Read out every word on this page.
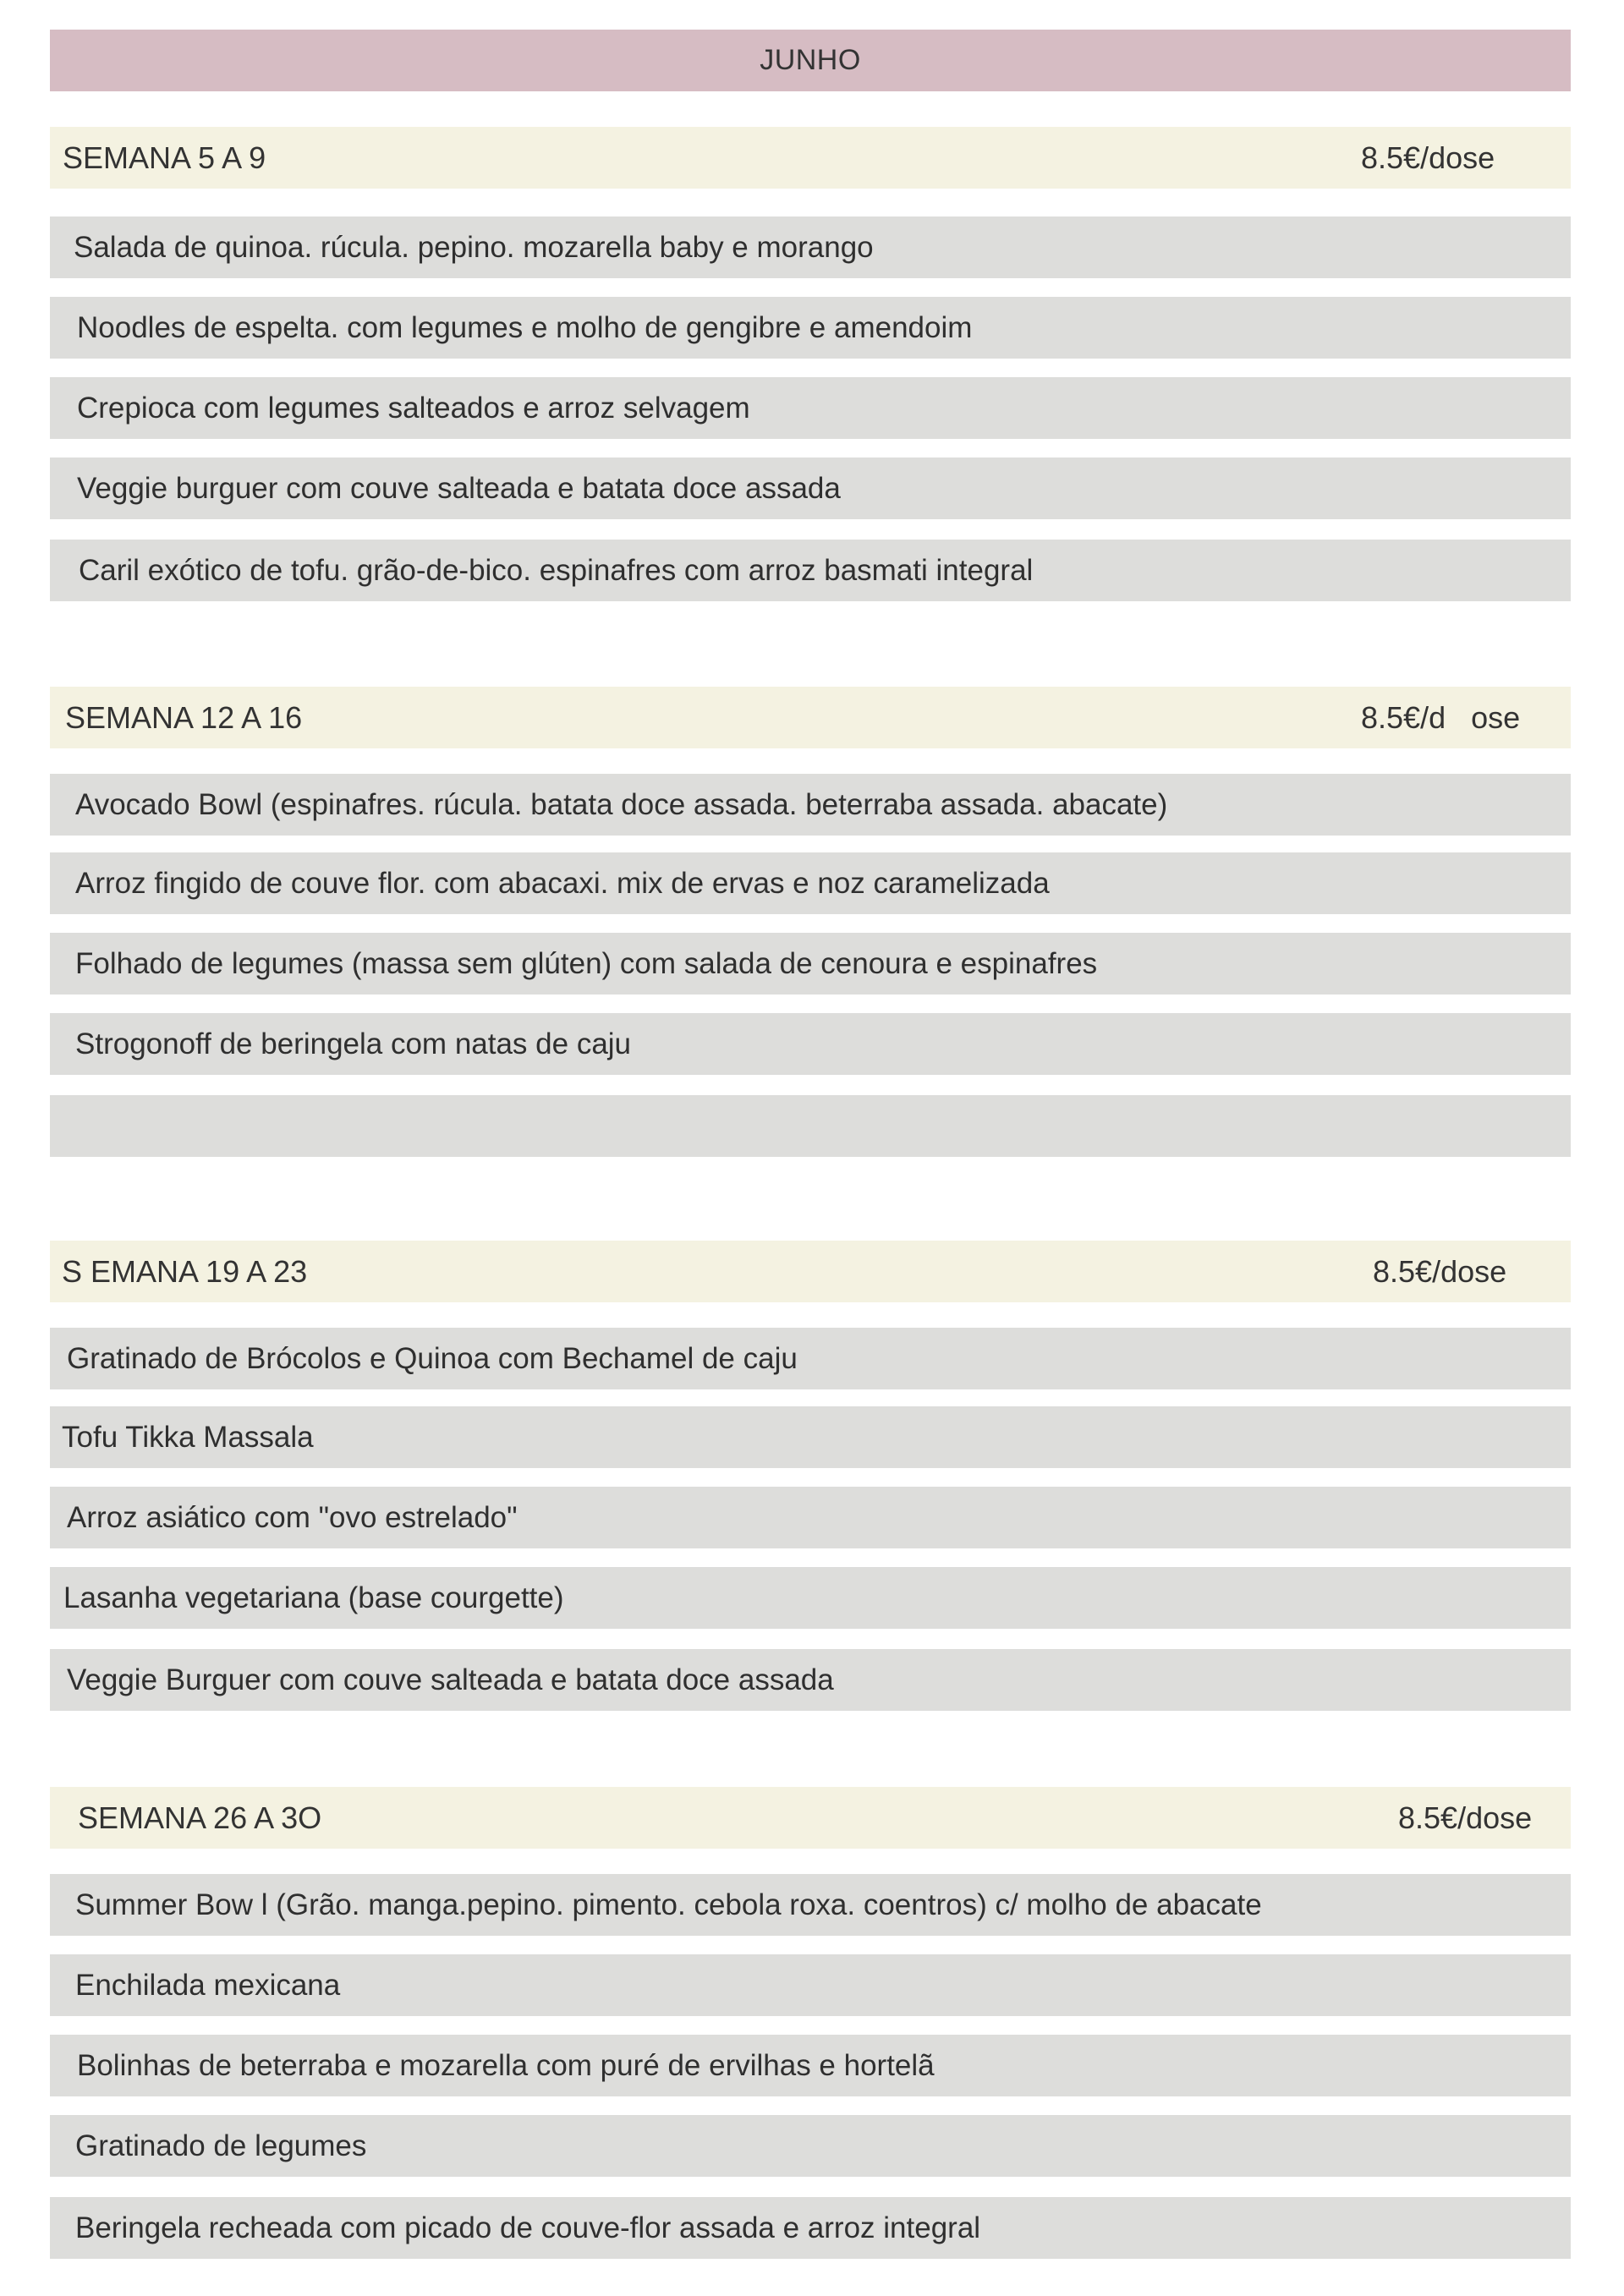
JUNHO
SEMANA 5 A 9	8.5€/dose
Salada de quinoa. rúcula. pepino. mozarella baby e morango
Noodles de espelta. com legumes e molho de gengibre e amendoim
Crepioca com legumes salteados e arroz selvagem
Veggie burguer com couve salteada e batata doce assada
Caril exótico de tofu. grão-de-bico. espinafres com arroz basmati integral
SEMANA 12 A 16	8.5€/d   ose
Avocado Bowl (espinafres. rúcula. batata doce assada. beterraba assada. abacate)
Arroz fingido de couve flor. com abacaxi. mix de ervas e noz caramelizada
Folhado de legumes (massa sem glúten) com salada de cenoura e espinafres
Strogonoff de beringela com natas de caju
S EMANA 19 A 23	8.5€/dose
Gratinado de Brócolos e Quinoa com Bechamel de caju
Tofu Tikka Massala
Arroz asiático com "ovo estrelado"
Lasanha vegetariana (base courgette)
Veggie Burguer com couve salteada e batata doce assada
SEMANA 26 A 3O	8.5€/dose
Summer Bow l (Grão. manga.pepino. pimento. cebola roxa. coentros) c/ molho de abacate
Enchilada mexicana
Bolinhas de beterraba e mozarella com puré de ervilhas e hortelã
Gratinado de legumes
Beringela recheada com picado de couve-flor assada e arroz integral
